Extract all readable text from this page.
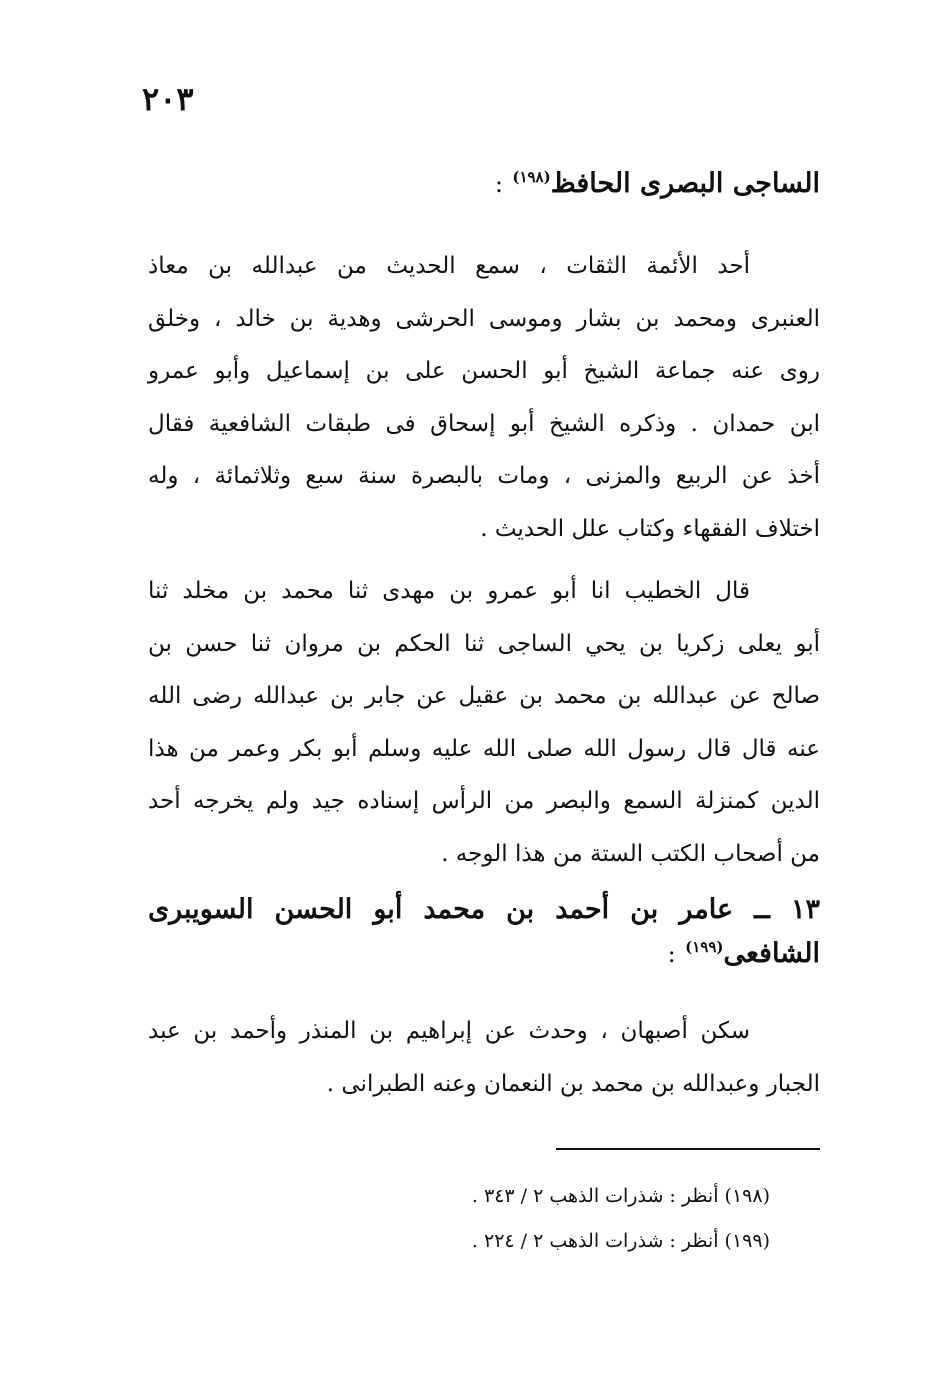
٢٠٣
الساجى البصرى الحافظ$^{(١٩٨)}$ :
أحد الأئمة الثقات ، سمع الحديث من عبدالله بن معاذ
العنبرى ومحمد بن بشار وموسى الحرشى وهدية بن خالد ، وخلق
روى عنه جماعة الشيخ أبو الحسن على بن إسماعيل وأبو عمرو
ابن حمدان . وذكره الشيخ أبو إسحاق فى طبقات الشافعية فقال
أخذ عن الربيع والمزنى ، ومات بالبصرة سنة سبع وثلاثمائة ، وله
اختلاف الفقهاء وكتاب علل الحديث .
قال الخطيب انا أبو عمرو بن مهدى ثنا محمد بن مخلد ثنا
أبو يعلى زكريا بن يحي الساجى ثنا الحكم بن مروان ثنا حسن بن
صالح عن عبدالله بن محمد بن عقيل عن جابر بن عبدالله رضى الله
عنه قال قال رسول الله صلى الله عليه وسلم أبو بكر وعمر من هذا
الدين كمنزلة السمع والبصر من الرأس إسناده جيد ولم يخرجه أحد
من أصحاب الكتب الستة من هذا الوجه .
١٣ ــ عامر بن أحمد بن محمد أبو الحسن السويبرى
الشافعى$^{(١٩٩)}$ :
سكن أصبهان ، وحدث عن إبراهيم بن المنذر وأحمد بن عبد
الجبار وعبدالله بن محمد بن النعمان وعنه الطبرانى .
(١٩٨) أنظر : شذرات الذهب ٢ / ٣٤٣ .
(١٩٩) أنظر : شذرات الذهب ٢ / ٢٢٤ .
